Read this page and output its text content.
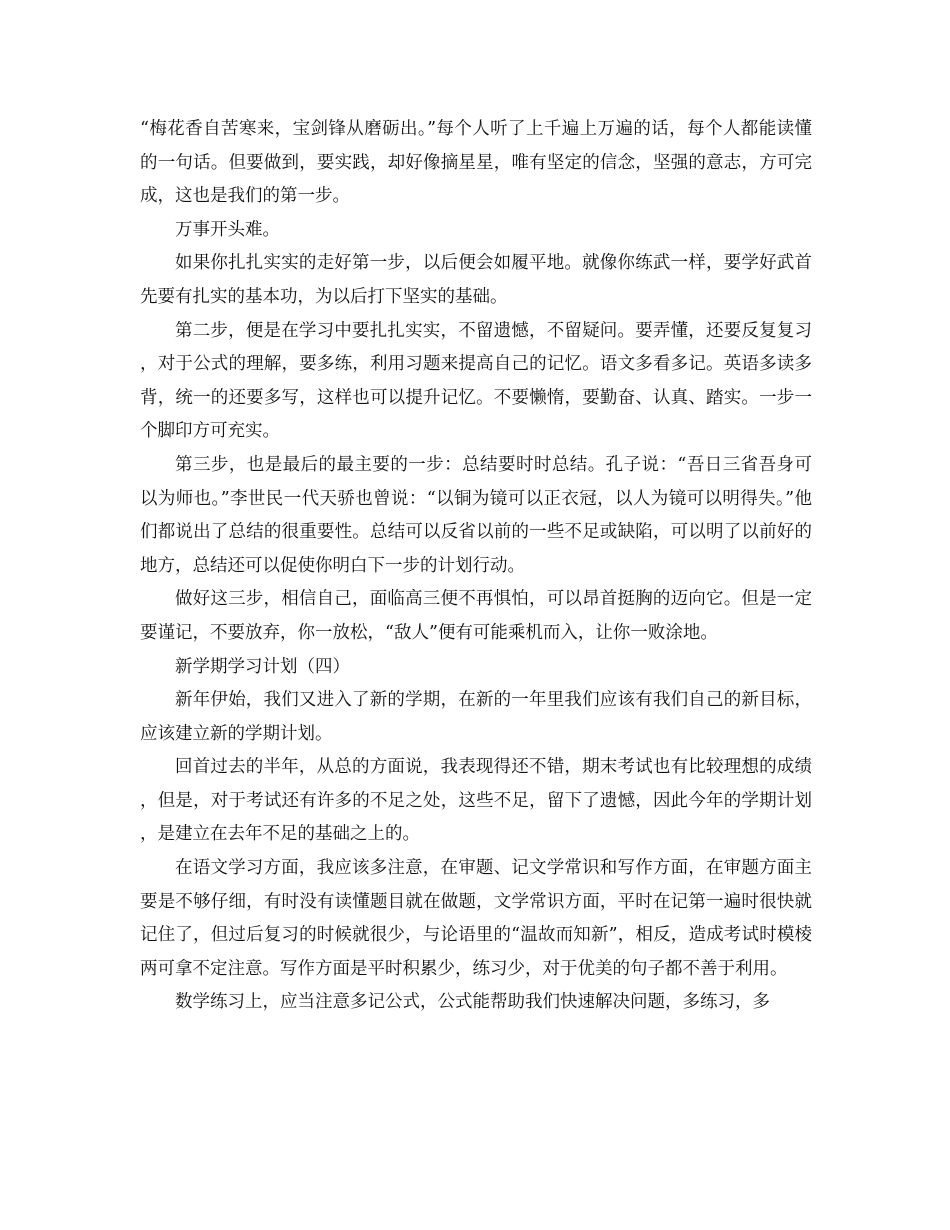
“梅花香自苦寒来，宝剑锋从磨砺出。”每个人听了上千遍上万遍的话，每个人都能读懂的一句话。但要做到，要实践，却好像摘星星，唯有坚定的信念，坚强的意志，方可完成，这也是我们的第一步。

万事开头难。

如果你扎扎实实的走好第一步，以后便会如履平地。就像你练武一样，要学好武首先要有扎实的基本功，为以后打下坚实的基础。

第二步，便是在学习中要扎扎实实，不留遗憾，不留疑问。要弄懂，还要反复复习，对于公式的理解，要多练，利用习题来提高自己的记忆。语文多看多记。英语多读多背，统一的还要多写，这样也可以提升记忆。不要懒惰，要勤奋、认真、踏实。一步一个脚印方可充实。

第三步，也是最后的最主要的一步：总结要时时总结。孔子说：“吾日三省吾身可以为师也。”李世民一代天骄也曾说：“以铜为镜可以正衣冠，以人为镜可以明得失。”他们都说出了总结的很重要性。总结可以反省以前的一些不足或缺陷，可以明了以前好的地方，总结还可以促使你明白下一步的计划行动。

做好这三步，相信自己，面临高三便不再惧怕，可以昂首挺胸的迈向它。但是一定要谨记，不要放弃，你一放松，“敌人”便有可能乘机而入，让你一败涂地。

新学期学习计划（四）

新年伊始，我们又进入了新的学期，在新的一年里我们应该有我们自己的新目标，应该建立新的学期计划。

回首过去的半年，从总的方面说，我表现得还不错，期末考试也有比较理想的成绩，但是，对于考试还有许多的不足之处，这些不足，留下了遗憾，因此今年的学期计划，是建立在去年不足的基础之上的。

在语文学习方面，我应该多注意，在审题、记文学常识和写作方面，在审题方面主要是不够仔细，有时没有读懂题目就在做题，文学常识方面，平时在记第一遍时很快就记住了，但过后复习的时候就很少，与论语里的“温故而知新”，相反，造成考试时模棱两可拿不定注意。写作方面是平时积累少，练习少，对于优美的句子都不善于利用。

数学练习上，应当注意多记公式，公式能帮助我们快速解决问题，多练习，多
